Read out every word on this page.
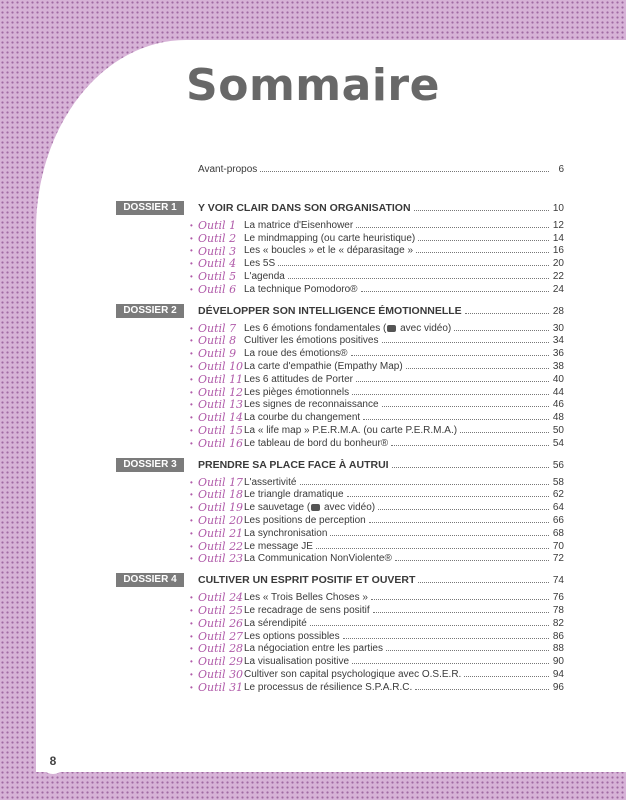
Sommaire
Avant-propos	6
DOSSIER 1	Y VOIR CLAIR DANS SON ORGANISATION	10
• Outil 1 La matrice d'Eisenhower	12
• Outil 2 Le mindmapping (ou carte heuristique)	14
• Outil 3 Les « boucles » et le « déparasitage »	16
• Outil 4 Les 5S	20
• Outil 5 L'agenda	22
• Outil 6 La technique Pomodoro®	24
DOSSIER 2	DÉVELOPPER SON INTELLIGENCE ÉMOTIONNELLE	28
• Outil 7 Les 6 émotions fondamentales ( avec vidéo)	30
• Outil 8 Cultiver les émotions positives	34
• Outil 9 La roue des émotions®	36
• Outil 10 La carte d'empathie (Empathy Map)	38
• Outil 11 Les 6 attitudes de Porter	40
• Outil 12 Les pièges émotionnels	44
• Outil 13 Les signes de reconnaissance	46
• Outil 14 La courbe du changement	48
• Outil 15 La « life map » P.E.R.M.A. (ou carte P.E.R.M.A.)	50
• Outil 16 Le tableau de bord du bonheur®	54
DOSSIER 3	PRENDRE SA PLACE FACE À AUTRUI	56
• Outil 17 L'assertivité	58
• Outil 18 Le triangle dramatique	62
• Outil 19 Le sauvetage ( avec vidéo)	64
• Outil 20 Les positions de perception	66
• Outil 21 La synchronisation	68
• Outil 22 Le message JE	70
• Outil 23 La Communication NonViolente®	72
DOSSIER 4	CULTIVER UN ESPRIT POSITIF ET OUVERT	74
• Outil 24 Les « Trois Belles Choses »	76
• Outil 25 Le recadrage de sens positif	78
• Outil 26 La sérendipité	82
• Outil 27 Les options possibles	86
• Outil 28 La négociation entre les parties	88
• Outil 29 La visualisation positive	90
• Outil 30 Cultiver son capital psychologique avec O.S.E.R.	94
• Outil 31 Le processus de résilience S.P.A.R.C.	96
8
